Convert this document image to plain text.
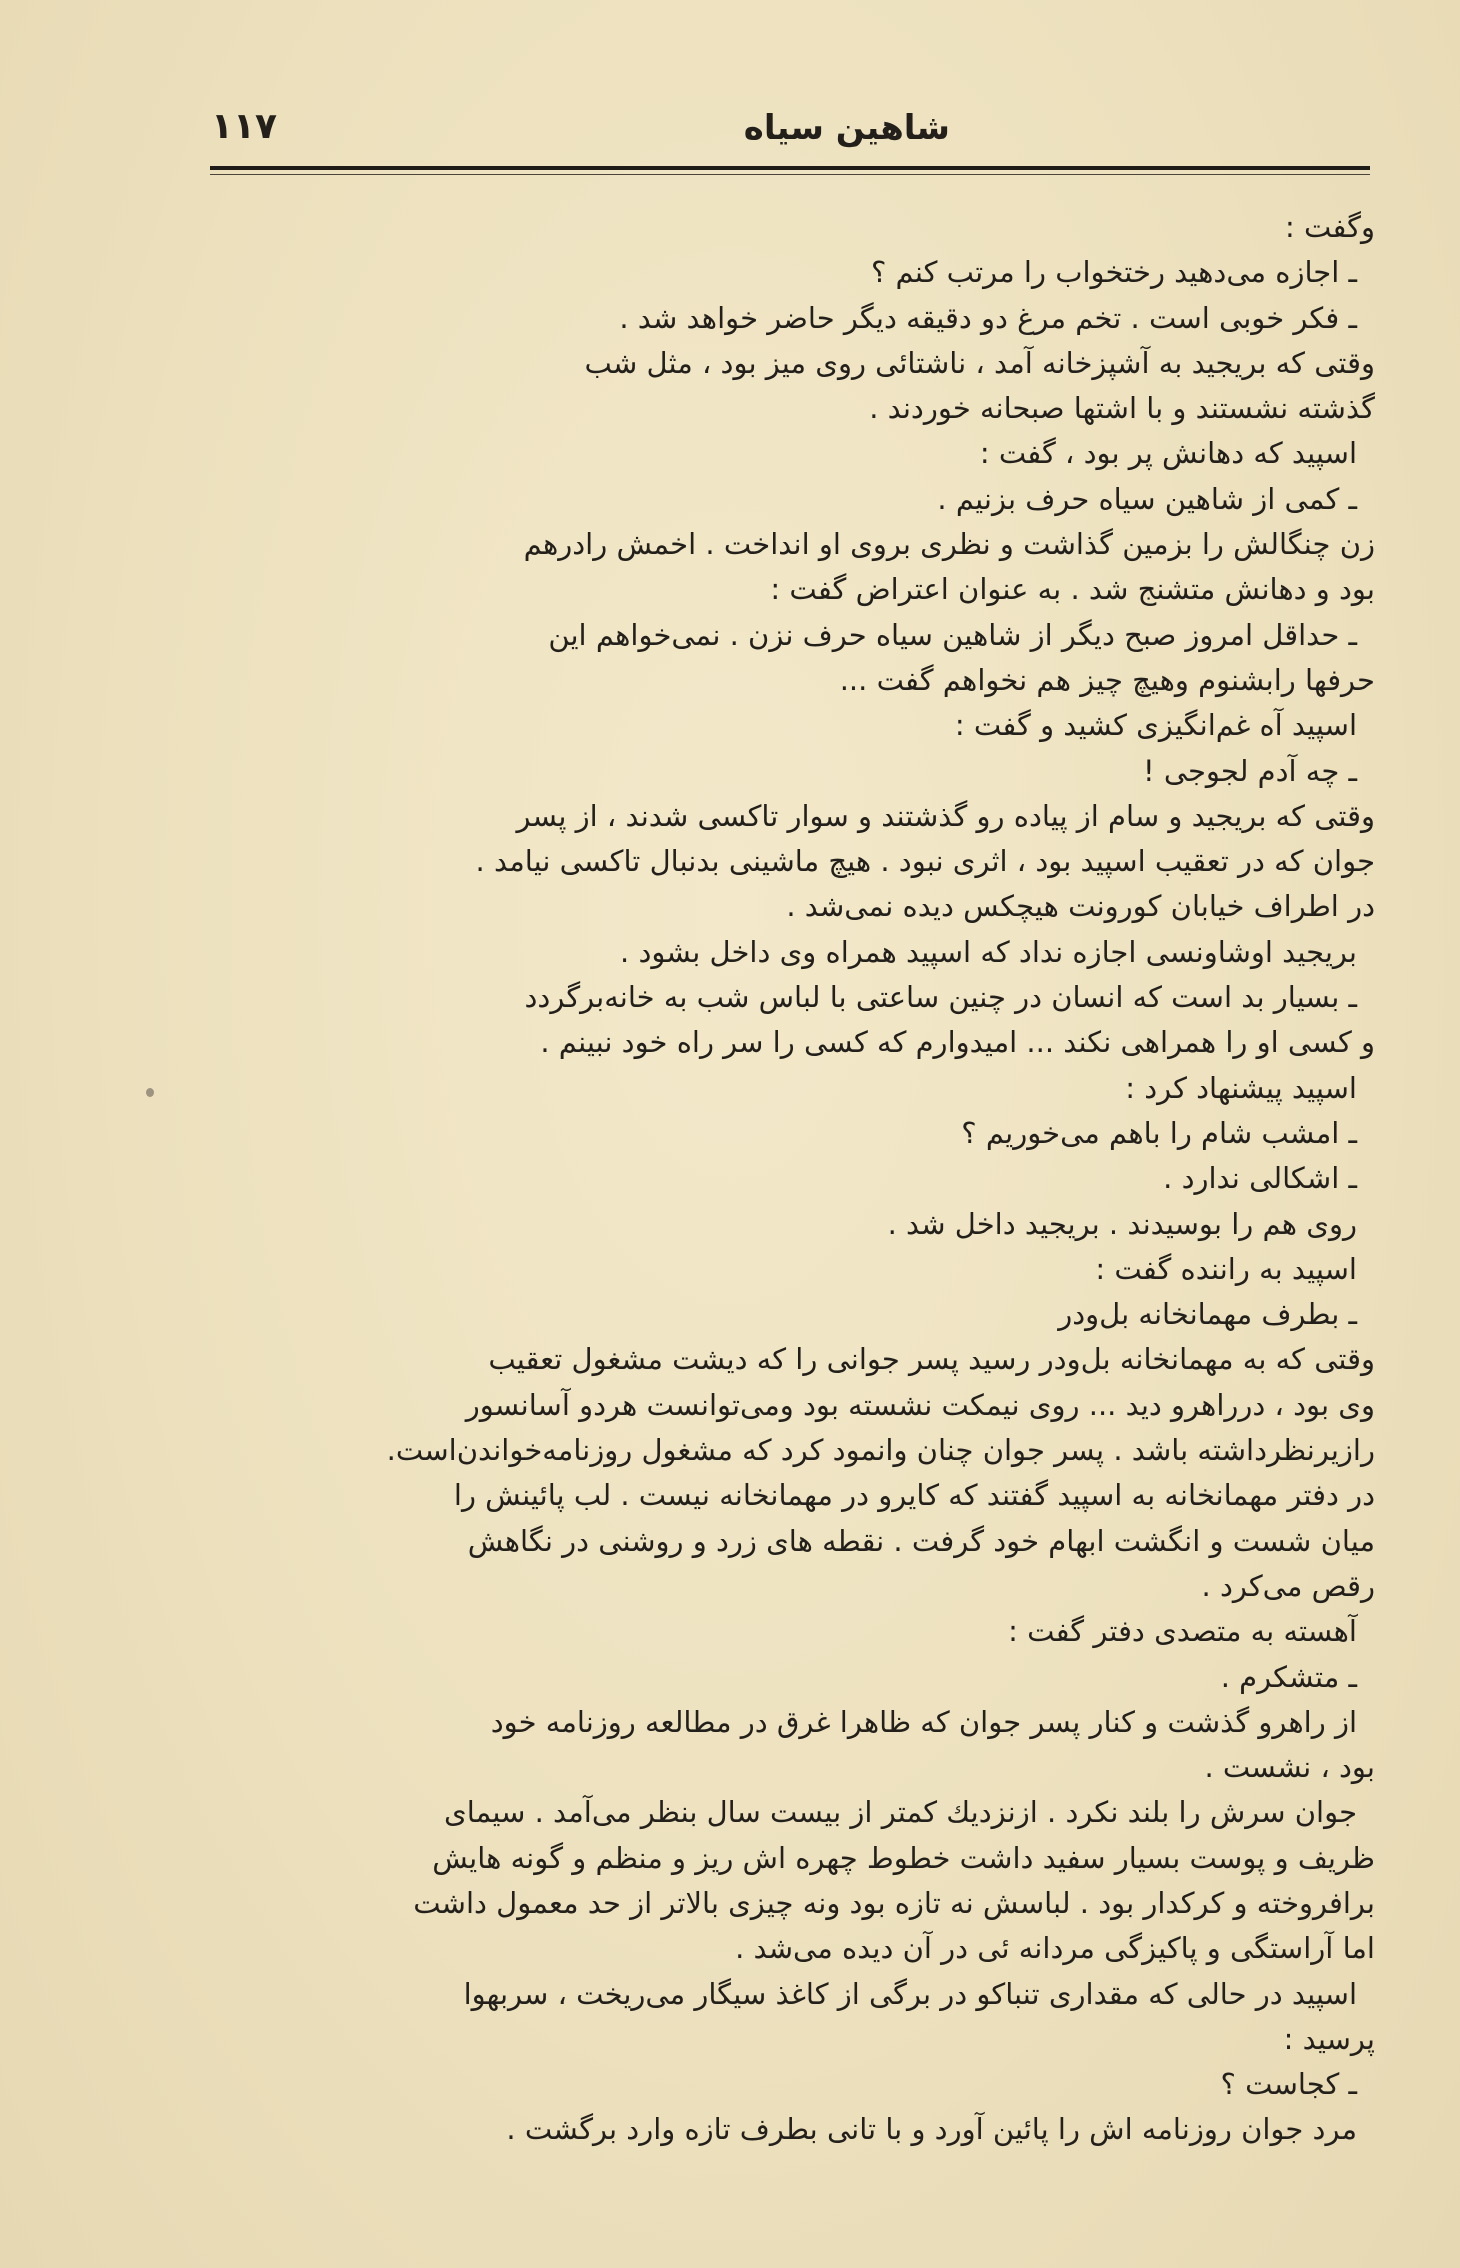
شاهین سیاه
۱۱۷
وگفت :
ـ اجازه می‌دهید رختخواب را مرتب کنم ؟
ـ فکر خوبی است . تخم مرغ دو دقیقه دیگر حاضر خواهد شد .
وقتی که بریجید به آشپزخانه آمد ، ناشتائی روی میز بود ، مثل شب
گذشته نشستند و با اشتها صبحانه خوردند .
اسپید که دهانش پر بود ، گفت :
ـ کمی از شاهین سیاه حرف بزنیم .
زن چنگالش را بزمین گذاشت و نظری بروی او انداخت . اخمش رادرهم
بود و دهانش متشنج شد . به عنوان اعتراض گفت :
ـ حداقل امروز صبح دیگر از شاهین سیاه حرف نزن . نمی‌خواهم این
حرفها رابشنوم وهیچ چیز هم نخواهم گفت ...
اسپید آه غم‌انگیزی کشید و گفت :
ـ چه آدم لجوجی !
وقتی که بریجید و سام از پیاده رو گذشتند و سوار تاکسی شدند ، از پسر
جوان که در تعقیب اسپید بود ، اثری نبود . هیچ ماشینی بدنبال تاکسی نیامد .
در اطراف خیابان کورونت هیچکس دیده نمی‌شد .
بریجید اوشاونسی اجازه نداد که اسپید همراه وی داخل بشود .
ـ بسیار بد است که انسان در چنین ساعتی با لباس شب به خانه‌برگردد
و کسی او را همراهی نکند ... امیدوارم که کسی را سر راه خود نبینم .
اسپید پیشنهاد کرد :
ـ امشب شام را باهم می‌خوریم ؟
ـ اشکالی ندارد .
روی هم را بوسیدند . بریجید داخل شد .
اسپید به راننده گفت :
ـ بطرف مهمانخانه بل‌ودر
وقتی که به مهمانخانه بل‌ودر رسید پسر جوانی را که دیشت مشغول تعقیب
وی بود ، درراهرو دید ... روی نیمکت نشسته بود ومی‌توانست هردو آسانسور
رازیرنظرداشته باشد . پسر جوان چنان وانمود کرد که مشغول روزنامه‌خواندن‌است.
در دفتر مهمانخانه به اسپید گفتند که کایرو در مهمانخانه نیست . لب پائینش را
میان شست و انگشت ابهام خود گرفت . نقطه های زرد و روشنی در نگاهش
رقص می‌کرد .
آهسته به متصدی دفتر گفت :
ـ متشکرم .
از راهرو گذشت و کنار پسر جوان که ظاهرا غرق در مطالعه روزنامه خود
بود ، نشست .
جوان سرش را بلند نکرد . ازنزدیك کمتر از بیست سال بنظر می‌آمد . سیمای
ظریف و پوست بسیار سفید داشت خطوط چهره اش ریز و منظم و گونه هایش
برافروخته و کرکدار بود . لباسش نه تازه بود ونه چیزی بالاتر از حد معمول داشت
اما آراستگی و پاکیزگی مردانه ئی در آن دیده می‌شد .
اسپید در حالی که مقداری تنباکو در برگی از کاغذ سیگار می‌ریخت ، سربهوا
پرسید :
ـ کجاست ؟
مرد جوان روزنامه اش را پائین آورد و با تانی بطرف تازه وارد برگشت .
